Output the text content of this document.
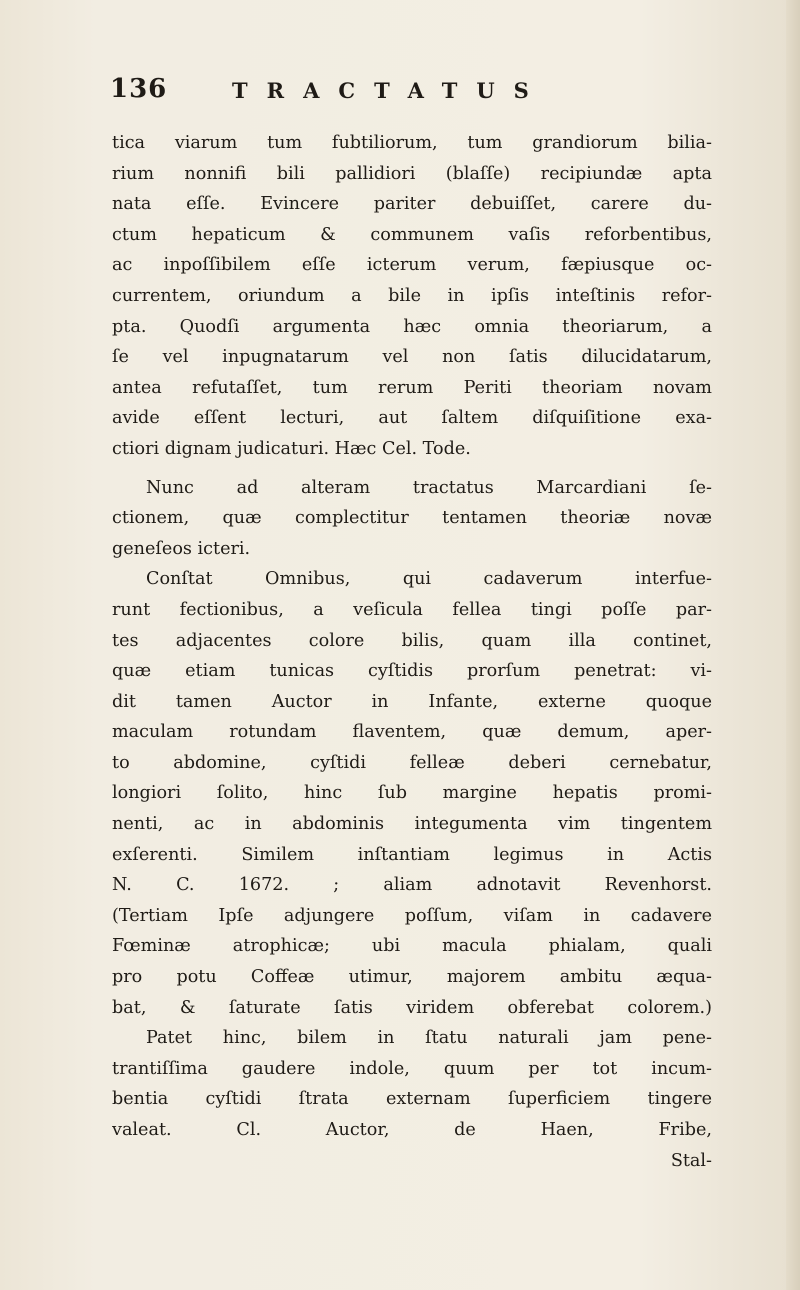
136	TRACTATUS
tica viarum tum fubtiliorum, tum grandiorum bilia-
rium nonnifi bili pallidiori (blaſſe) recipiundæ apta
nata eſſe. Evincere pariter debuiſſet, carere du-
ctum hepaticum & communem vaſis reforbentibus,
ac inpoſſibilem eſſe icterum verum, fæpiusque oc-
currentem, oriundum a bile in ipſis inteſtinis refor-
pta. Quodſi argumenta hæc omnia theoriarum, a
ſe vel inpugnatarum vel non ſatis dilucidatarum,
antea refutaſſet, tum rerum Periti theoriam novam
avide eſſent lecturi, aut ſaltem diſquiſitione exa-
ctiori dignam judicaturi. Hæc Cel. Tode.
Nunc ad alteram tractatus Marcardiani ſe-
ctionem, quæ complectitur tentamen theoriæ novæ
geneſeos icteri.
Conſtat Omnibus, qui cadaverum interfue-
runt fectionibus, a veſicula fellea tingi poſſe par-
tes adjacentes colore bilis, quam illa continet,
quæ etiam tunicas cyſtidis prorſum penetrat: vi-
dit tamen Auctor in Infante, externe quoque
maculam rotundam flaventem, quæ demum, aper-
to abdomine, cyſtidi felleæ deberi cernebatur,
longiori ſolito, hinc ſub margine hepatis promi-
nenti, ac in abdominis integumenta vim tingentem
exſerenti. Similem inſtantiam legimus in Actis
N. C. 1672. ; aliam adnotavit Revenhorst.
(Tertiam Ipſe adjungere poſſum, viſam in cadavere
Fœminæ atrophicæ; ubi macula phialam, quali
pro potu Coffeæ utimur, majorem ambitu æqua-
bat, & ſaturate ſatis viridem obferebat colorem.)
Patet hinc, bilem in ſtatu naturali jam pene-
trantiſſima gaudere indole, quum per tot incum-
bentia cyſtidi ſtrata externam ſuperficiem tingere
valeat. Cl. Auctor, de Haen, Fribe,
Stal-
